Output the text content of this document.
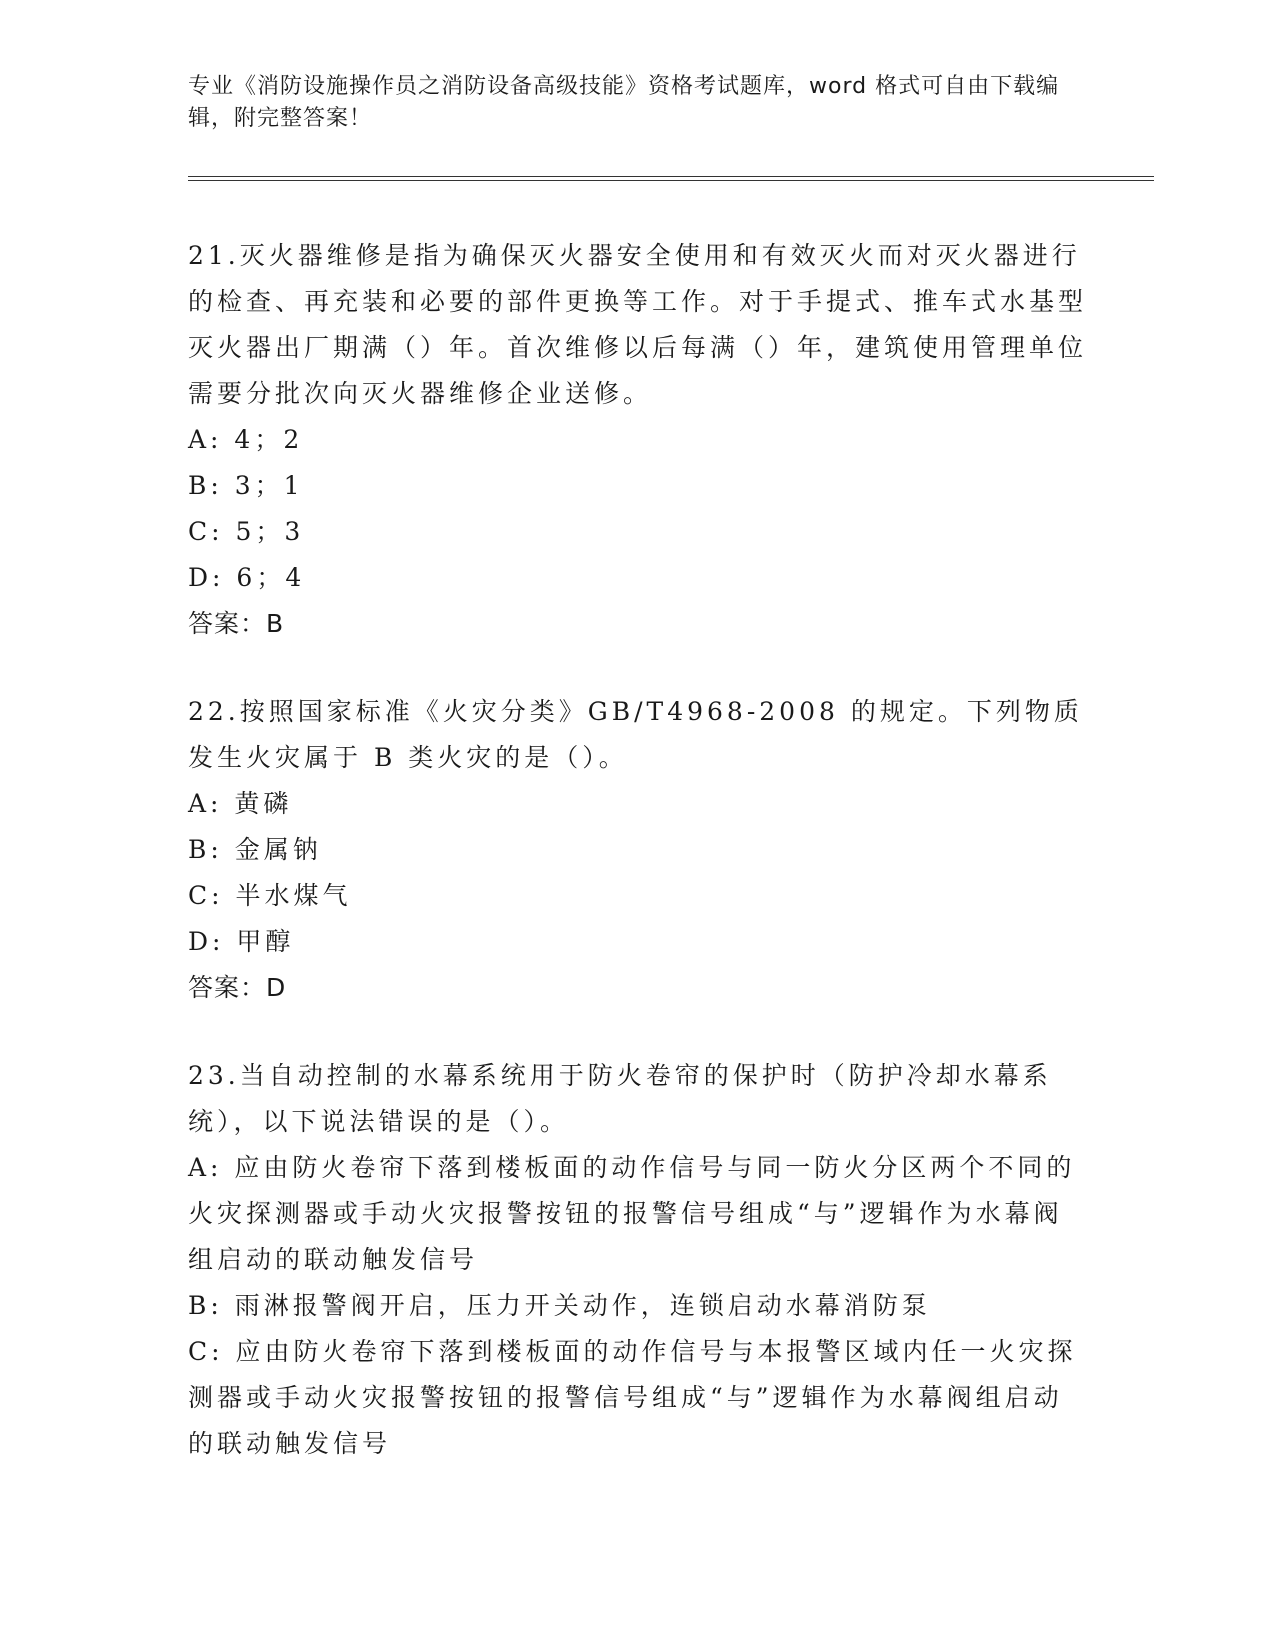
专业《消防设施操作员之消防设备高级技能》资格考试题库，word 格式可自由下载编辑，附完整答案！
21.灭火器维修是指为确保灭火器安全使用和有效灭火而对灭火器进行的检查、再充装和必要的部件更换等工作。对于手提式、推车式水基型灭火器出厂期满（）年。首次维修以后每满（）年，建筑使用管理单位需要分批次向灭火器维修企业送修。
A: 4；2
B: 3；1
C: 5；3
D: 6；4
答案：B
22.按照国家标准《火灾分类》GB/T4968-2008 的规定。下列物质发生火灾属于 B 类火灾的是（）。
A: 黄磷
B: 金属钠
C: 半水煤气
D: 甲醇
答案：D
23.当自动控制的水幕系统用于防火卷帘的保护时（防护冷却水幕系统），以下说法错误的是（）。
A: 应由防火卷帘下落到楼板面的动作信号与同一防火分区两个不同的火灾探测器或手动火灾报警按钮的报警信号组成“与”逻辑作为水幕阀组启动的联动触发信号
B: 雨淋报警阀开启，压力开关动作，连锁启动水幕消防泵
C: 应由防火卷帘下落到楼板面的动作信号与本报警区域内任一火灾探测器或手动火灾报警按钮的报警信号组成“与”逻辑作为水幕阀组启动的联动触发信号
